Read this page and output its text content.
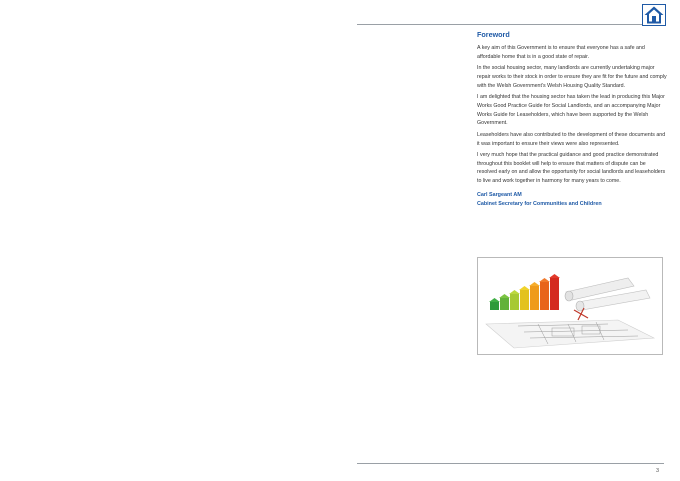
Foreword

A key aim of this Government is to ensure that everyone has a safe and affordable home that is in a good state of repair.

In the social housing sector, many landlords are currently undertaking major repair works to their stock in order to ensure they are fit for the future and comply with the Welsh Government’s Welsh Housing Quality Standard.

I am delighted that the housing sector has taken the lead in producing this Major Works Good Practice Guide for Social Landlords, and an accompanying Major Works Guide for Leaseholders, which have been supported by the Welsh Government.

Leaseholders have also contributed to the development of these documents and it was important to ensure their views were also represented.

I very much hope that the practical guidance and good practice demonstrated throughout this booklet will help to ensure that matters of dispute can be resolved early on and allow the opportunity for social landlords and leaseholders to live and work together in harmony for many years to come.

Carl Sargeant AM

Cabinet Secretary for Communities and Children

3
